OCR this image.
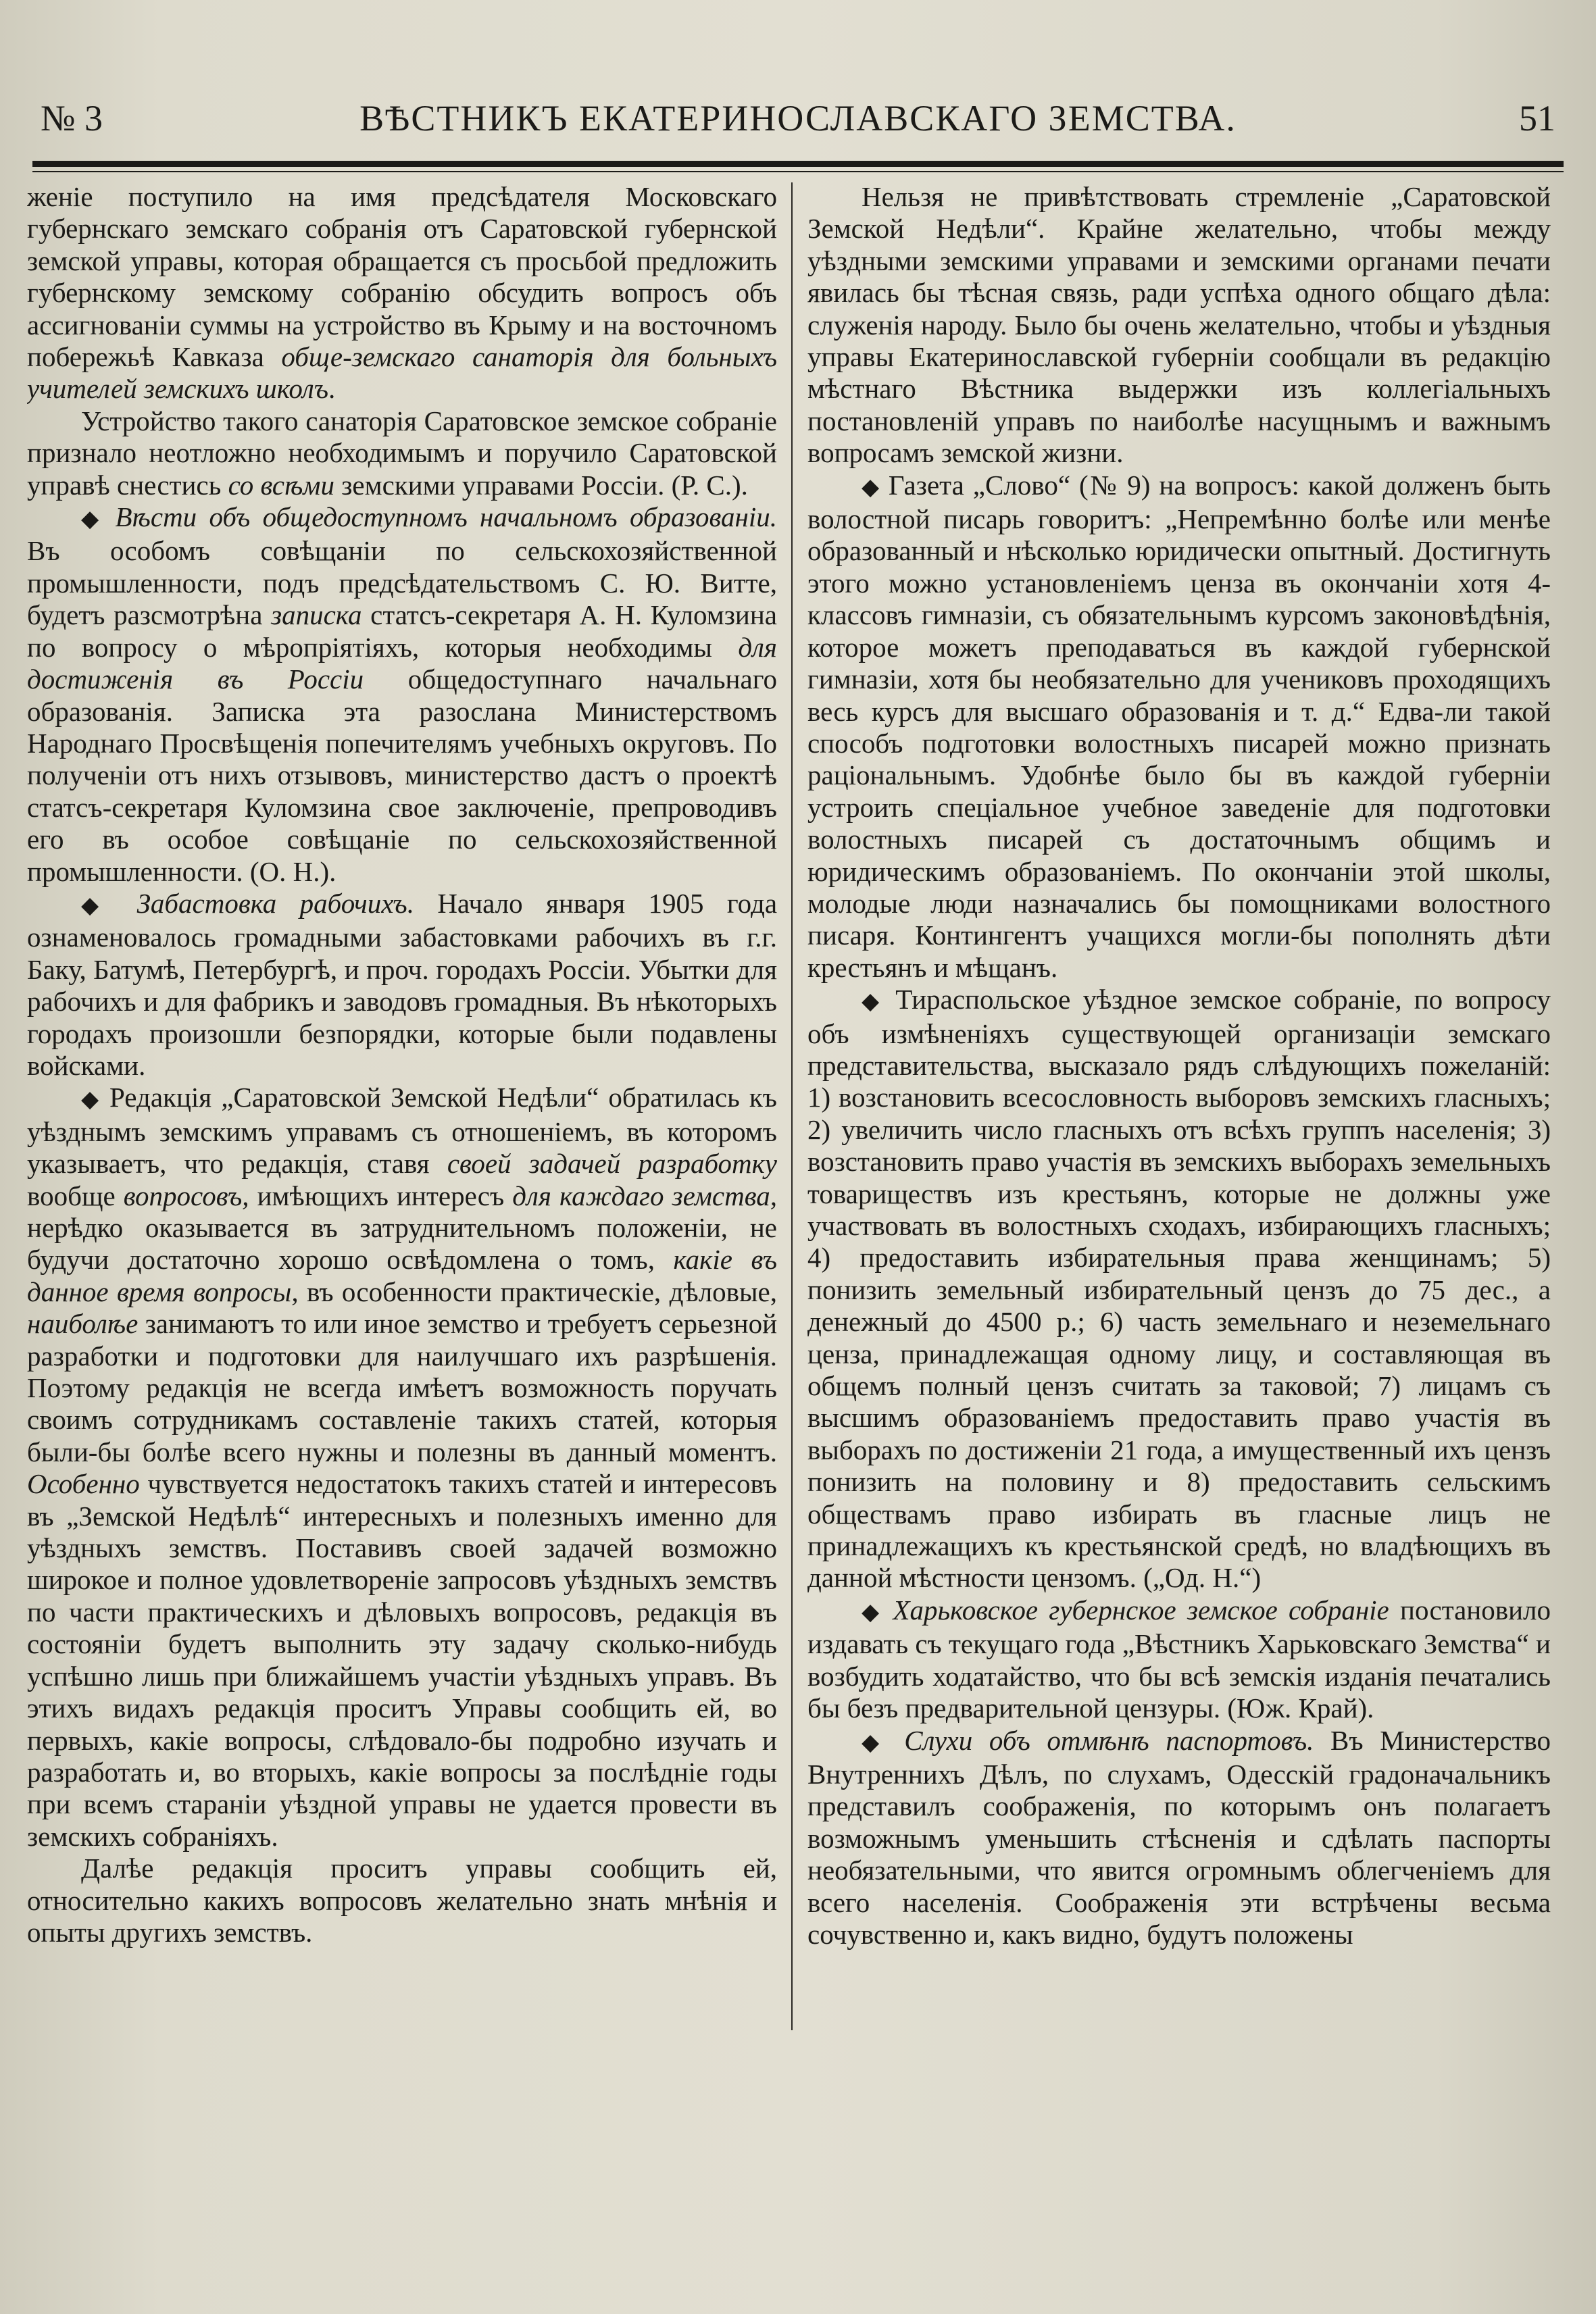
№ 3	ВѢСТНИКЪ ЕКАТЕРИНОСЛАВСКАГО ЗЕМСТВА.	51

женіе поступило на имя предсѣдателя Московскаго губернскаго земскаго собранія отъ Саратовской губернской земской управы, которая обращается съ просьбой предложить губернскому земскому собранію обсудить вопросъ объ ассигнованіи суммы на устройство въ Крыму и на восточномъ побережьѣ Кавказа обще-земскаго санаторія для больныхъ учителей земскихъ школъ.

Устройство такого санаторія Саратовское земское собраніе признало неотложно необходимымъ и поручило Саратовской управѣ снестись со всѣми земскими управами Россіи. (Р. С.).

◆ Вѣсти объ общедоступномъ начальномъ образованіи. Въ особомъ совѣщаніи по сельскохозяйственной промышленности, подъ предсѣдательствомъ С. Ю. Витте, будетъ разсмотрѣна записка статсъ-секретаря А. Н. Куломзина по вопросу о мѣропріятіяхъ, которыя необходимы для достиженія въ Россіи общедоступнаго начальнаго образованія. Записка эта разослана Министерствомъ Народнаго Просвѣщенія попечителямъ учебныхъ округовъ. По полученіи отъ нихъ отзывовъ, министерство дастъ о проектѣ статсъ-секретаря Куломзина свое заключеніе, препроводивъ его въ особое совѣщаніе по сельскохозяйственной промышленности. (О. Н.).

◆ Забастовка рабочихъ. Начало января 1905 года ознаменовалось громадными забастовками рабочихъ въ г.г. Баку, Батумѣ, Петербургѣ, и проч. городахъ Россіи. Убытки для рабочихъ и для фабрикъ и заводовъ громадныя. Въ нѣкоторыхъ городахъ произошли безпорядки, которые были подавлены войсками.

◆ Редакція „Саратовской Земской Недѣли“ обратилась къ уѣзднымъ земскимъ управамъ съ отношеніемъ, въ которомъ указываетъ, что редакція, ставя своей задачей разработку вообще вопросовъ, имѣющихъ интересъ для каждаго земства, нерѣдко оказывается въ затруднительномъ положеніи, не будучи достаточно хорошо освѣдомлена о томъ, какіе въ данное время вопросы, въ особенности практическіе, дѣловые, наиболѣе занимаютъ то или иное земство и требуетъ серьезной разработки и подготовки для наилучшаго ихъ разрѣшенія. Поэтому редакція не всегда имѣетъ возможность поручать своимъ сотрудникамъ составленіе такихъ статей, которыя были-бы болѣе всего нужны и полезны въ данный моментъ. Особенно чувствуется недостатокъ такихъ статей и интересовъ въ „Земской Недѣлѣ“ интересныхъ и полезныхъ именно для уѣздныхъ земствъ. Поставивъ своей задачей возможно широкое и полное удовлетвореніе запросовъ уѣздныхъ земствъ по части практическихъ и дѣловыхъ вопросовъ, редакція въ состояніи будетъ выполнить эту задачу сколько-нибудь успѣшно лишь при ближайшемъ участіи уѣздныхъ управъ. Въ этихъ видахъ редакція проситъ Управы сообщить ей, во первыхъ, какіе вопросы, слѣдовало-бы подробно изучать и разработать и, во вторыхъ, какіе вопросы за послѣдніе годы при всемъ стараніи уѣздной управы не удается провести въ земскихъ собраніяхъ.

Далѣе редакція проситъ управы сообщить ей, относительно какихъ вопросовъ желательно знать мнѣнія и опыты другихъ земствъ.

Нельзя не привѣтствовать стремленіе „Саратовской Земской Недѣли“. Крайне желательно, чтобы между уѣздными земскими управами и земскими органами печати явилась бы тѣсная связь, ради успѣха одного общаго дѣла: служенія народу. Было бы очень желательно, чтобы и уѣздныя управы Екатеринославской губерніи сообщали въ редакцію мѣстнаго Вѣстника выдержки изъ коллегіальныхъ постановленій управъ по наиболѣе насущнымъ и важнымъ вопросамъ земской жизни.

◆ Газета „Слово“ (№ 9) на вопросъ: какой долженъ быть волостной писарь говоритъ: „Непремѣнно болѣе или менѣе образованный и нѣсколько юридически опытный. Достигнуть этого можно установленіемъ ценза въ окончаніи хотя 4-классовъ гимназіи, съ обязательнымъ курсомъ законовѣдѣнія, которое можетъ преподаваться въ каждой губернской гимназіи, хотя бы необязательно для учениковъ проходящихъ весь курсъ для высшаго образованія и т. д.“ Едва-ли такой способъ подготовки волостныхъ писарей можно признать раціональнымъ. Удобнѣе было бы въ каждой губерніи устроить спеціальное учебное заведеніе для подготовки волостныхъ писарей съ достаточнымъ общимъ и юридическимъ образованіемъ. По окончаніи этой школы, молодые люди назначались бы помощниками волостного писаря. Контингентъ учащихся могли-бы пополнять дѣти крестьянъ и мѣщанъ.

◆ Тираспольское уѣздное земское собраніе, по вопросу объ измѣненіяхъ существующей организаціи земскаго представительства, высказало рядъ слѣдующихъ пожеланій: 1) возстановить всесословность выборовъ земскихъ гласныхъ; 2) увеличить число гласныхъ отъ всѣхъ группъ населенія; 3) возстановить право участія въ земскихъ выборахъ земельныхъ товариществъ изъ крестьянъ, которые не должны уже участвовать въ волостныхъ сходахъ, избирающихъ гласныхъ; 4) предоставить избирательныя права женщинамъ; 5) понизить земельный избирательный цензъ до 75 дес., а денежный до 4500 р.; 6) часть земельнаго и неземельнаго ценза, принадлежащая одному лицу, и составляющая въ общемъ полный цензъ считать за таковой; 7) лицамъ съ высшимъ образованіемъ предоставить право участія въ выборахъ по достиженіи 21 года, а имущественный ихъ цензъ понизить на половину и 8) предоставить сельскимъ обществамъ право избирать въ гласные лицъ не принадлежащихъ къ крестьянской средѣ, но владѣющихъ въ данной мѣстности цензомъ. („Од. Н.“)

◆ Харьковское губернское земское собраніе постановило издавать съ текущаго года „Вѣстникъ Харьковскаго Земства“ и возбудить ходатайство, что бы всѣ земскія изданія печатались бы безъ предварительной цензуры. (Юж. Край).

◆ Слухи объ отмѣнѣ паспортовъ. Въ Министерство Внутреннихъ Дѣлъ, по слухамъ, Одесскій градоначальникъ представилъ соображенія, по которымъ онъ полагаетъ возможнымъ уменьшить стѣсненія и сдѣлать паспорты необязательными, что явится огромнымъ облегченіемъ для всего населенія. Соображенія эти встрѣчены весьма сочувственно и, какъ видно, будутъ положены
